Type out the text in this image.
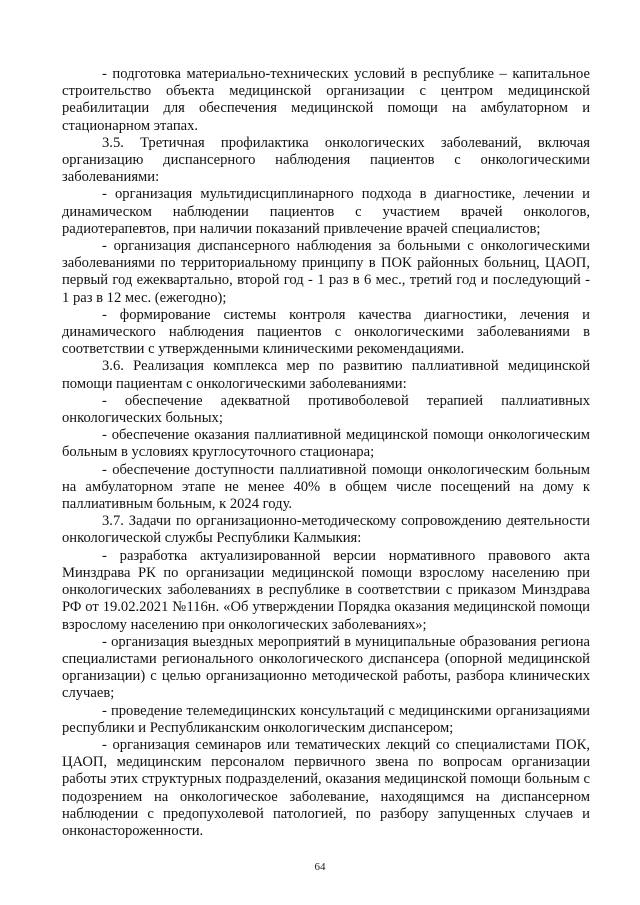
- подготовка материально-технических условий в республике – капитальное строительство объекта медицинской организации с центром медицинской реабилитации для обеспечения медицинской помощи на амбулаторном и стационарном этапах.

3.5. Третичная профилактика онкологических заболеваний, включая организацию диспансерного наблюдения пациентов с онкологическими заболеваниями:

- организация мультидисциплинарного подхода в диагностике, лечении и динамическом наблюдении пациентов с участием врачей онкологов, радиотерапевтов, при наличии показаний привлечение врачей специалистов;

- организация диспансерного наблюдения за больными с онкологическими заболеваниями по территориальному принципу в ПОК районных больниц, ЦАОП, первый год ежеквартально, второй год - 1 раз в 6 мес., третий год и последующий - 1 раз в 12 мес. (ежегодно);

- формирование системы контроля качества диагностики, лечения и динамического наблюдения пациентов с онкологическими заболеваниями в соответствии с утвержденными клиническими рекомендациями.

3.6. Реализация комплекса мер по развитию паллиативной медицинской помощи пациентам с онкологическими заболеваниями:

- обеспечение адекватной противоболевой терапией паллиативных онкологических больных;

- обеспечение оказания паллиативной медицинской помощи онкологическим больным в условиях круглосуточного стационара;

- обеспечение доступности паллиативной помощи онкологическим больным на амбулаторном этапе не менее 40% в общем числе посещений на дому к паллиативным больным, к 2024 году.

3.7. Задачи по организационно-методическому сопровождению деятельности онкологической службы Республики Калмыкия:

- разработка актуализированной версии нормативного правового акта Минздрава РК по организации медицинской помощи взрослому населению при онкологических заболеваниях в республике в соответствии с приказом Минздрава РФ от 19.02.2021 №116н. «Об утверждении Порядка оказания медицинской помощи взрослому населению при онкологических заболеваниях»;

- организация выездных мероприятий в муниципальные образования региона специалистами регионального онкологического диспансера (опорной медицинской организации) с целью организационно методической работы, разбора клинических случаев;

- проведение телемедицинских консультаций с медицинскими организациями республики и Республиканским онкологическим диспансером;

- организация семинаров или тематических лекций со специалистами ПОК, ЦАОП, медицинским персоналом первичного звена по вопросам организации работы этих структурных подразделений, оказания медицинской помощи больным с подозрением на онкологическое заболевание, находящимся на диспансерном наблюдении с предопухолевой патологией, по разбору запущенных случаев и онконастороженности.

64
